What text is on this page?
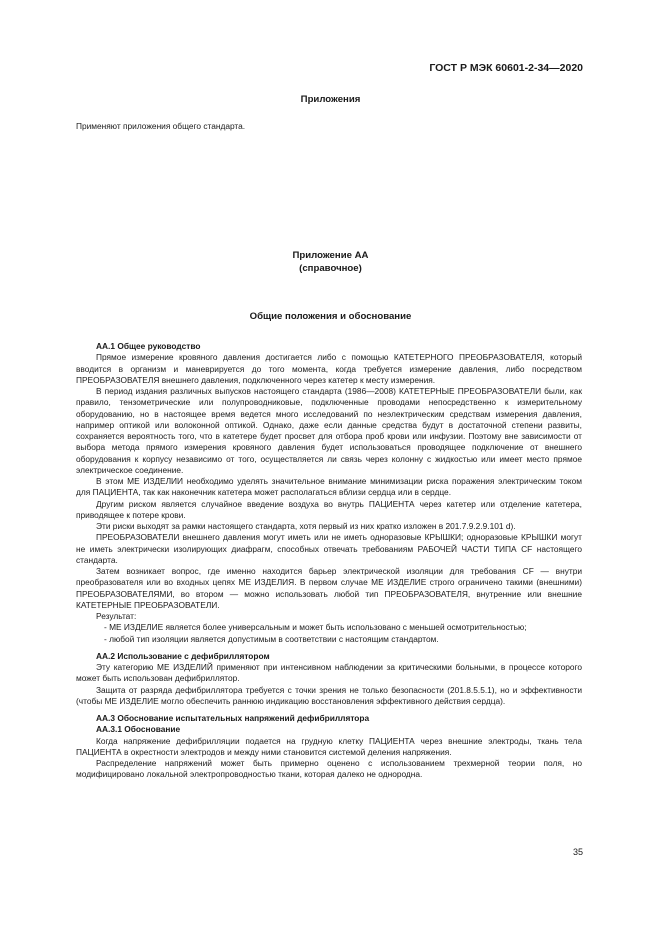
ГОСТ Р МЭК 60601-2-34—2020
Приложения

Применяют приложения общего стандарта.

Приложение AA
(справочное)
Общие положения и обоснование

AA.1 Общее руководство

Прямое измерение кровяного давления достигается либо с помощью КАТЕТЕРНОГО ПРЕОБРАЗОВАТЕЛЯ, который вводится в организм и маневрируется до того момента, когда требуется измерение давления, либо посредством ПРЕОБРАЗОВАТЕЛЯ внешнего давления, подключенного через катетер к месту измерения.

В период издания различных выпусков настоящего стандарта (1986—2008) КАТЕТЕРНЫЕ ПРЕОБРАЗОВАТЕЛИ были, как правило, тензометрические или полупроводниковые, подключенные проводами непосредственно к измерительному оборудованию, но в настоящее время ведется много исследований по неэлектрическим средствам измерения давления, например оптикой или волоконной оптикой. Однако, даже если данные средства будут в достаточной степени развиты, сохраняется вероятность того, что в катетере будет просвет для отбора проб крови или инфузии. Поэтому вне зависимости от выбора метода прямого измерения кровяного давления будет использоваться проводящее подключение от внешнего оборудования к корпусу независимо от того, осуществляется ли связь через колонну с жидкостью или имеет место прямое электрическое соединение.

В этом МЕ ИЗДЕЛИИ необходимо уделять значительное внимание минимизации риска поражения электрическим током для ПАЦИЕНТА, так как наконечник катетера может располагаться вблизи сердца или в сердце.

Другим риском является случайное введение воздуха во внутрь ПАЦИЕНТА через катетер или отделение катетера, приводящее к потере крови.

Эти риски выходят за рамки настоящего стандарта, хотя первый из них кратко изложен в 201.7.9.2.9.101 d).

ПРЕОБРАЗОВАТЕЛИ внешнего давления могут иметь или не иметь одноразовые КРЫШКИ; одноразовые КРЫШКИ могут не иметь электрически изолирующих диафрагм, способных отвечать требованиям РАБОЧЕЙ ЧАСТИ ТИПА CF настоящего стандарта.

Затем возникает вопрос, где именно находится барьер электрической изоляции для требования CF — внутри преобразователя или во входных цепях МЕ ИЗДЕЛИЯ. В первом случае МЕ ИЗДЕЛИЕ строго ограничено такими (внешними) ПРЕОБРАЗОВАТЕЛЯМИ, во втором — можно использовать любой тип ПРЕОБРАЗОВАТЕЛЯ, внутренние или внешние КАТЕТЕРНЫЕ ПРЕОБРАЗОВАТЕЛИ.

Результат:

- МЕ ИЗДЕЛИЕ является более универсальным и может быть использовано с меньшей осмотрительностью;

- любой тип изоляции является допустимым в соответствии с настоящим стандартом.

AA.2 Использование с дефибриллятором

Эту категорию МЕ ИЗДЕЛИЙ применяют при интенсивном наблюдении за критическими больными, в процессе которого может быть использован дефибриллятор.

Защита от разряда дефибриллятора требуется с точки зрения не только безопасности (201.8.5.5.1), но и эффективности (чтобы МЕ ИЗДЕЛИЕ могло обеспечить раннюю индикацию восстановления эффективного действия сердца).

AA.3 Обоснование испытательных напряжений дефибриллятора

AA.3.1 Обоснование

Когда напряжение дефибрилляции подается на грудную клетку ПАЦИЕНТА через внешние электроды, ткань тела ПАЦИЕНТА в окрестности электродов и между ними становится системой деления напряжения.

Распределение напряжений может быть примерно оценено с использованием трехмерной теории поля, но модифицировано локальной электропроводностью ткани, которая далеко не однородна.

35
